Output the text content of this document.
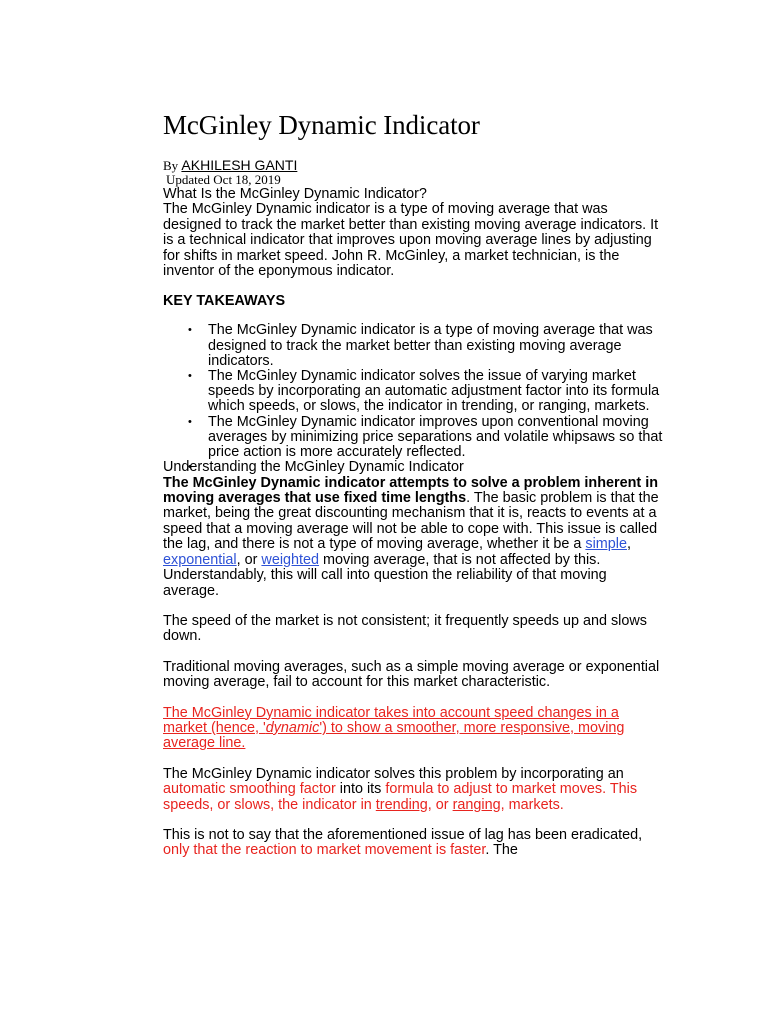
McGinley Dynamic Indicator
By AKHILESH GANTI
Updated Oct 18, 2019

What Is the McGinley Dynamic Indicator?

The McGinley Dynamic indicator is a type of moving average that was designed to track the market better than existing moving average indicators. It is a technical indicator that improves upon moving average lines by adjusting for shifts in market speed. John R. McGinley, a market technician, is the inventor of the eponymous indicator.

KEY TAKEAWAYS
• The McGinley Dynamic indicator is a type of moving average that was designed to track the market better than existing moving average indicators.
• The McGinley Dynamic indicator solves the issue of varying market speeds by incorporating an automatic adjustment factor into its formula which speeds, or slows, the indicator in trending, or ranging, markets.
• The McGinley Dynamic indicator improves upon conventional moving averages by minimizing price separations and volatile whipsaws so that price action is more accurately reflected.

Understanding the McGinley Dynamic Indicator

The McGinley Dynamic indicator attempts to solve a problem inherent in moving averages that use fixed time lengths. The basic problem is that the market, being the great discounting mechanism that it is, reacts to events at a speed that a moving average will not be able to cope with. This issue is called the lag, and there is not a type of moving average, whether it be a simple, exponential, or weighted moving average, that is not affected by this. Understandably, this will call into question the reliability of that moving average.

The speed of the market is not consistent; it frequently speeds up and slows down.

Traditional moving averages, such as a simple moving average or exponential moving average, fail to account for this market characteristic.

The McGinley Dynamic indicator takes into account speed changes in a market (hence, 'dynamic') to show a smoother, more responsive, moving average line.

The McGinley Dynamic indicator solves this problem by incorporating an automatic smoothing factor into its formula to adjust to market moves. This speeds, or slows, the indicator in trending, or ranging, markets.

This is not to say that the aforementioned issue of lag has been eradicated, only that the reaction to market movement is faster. The
